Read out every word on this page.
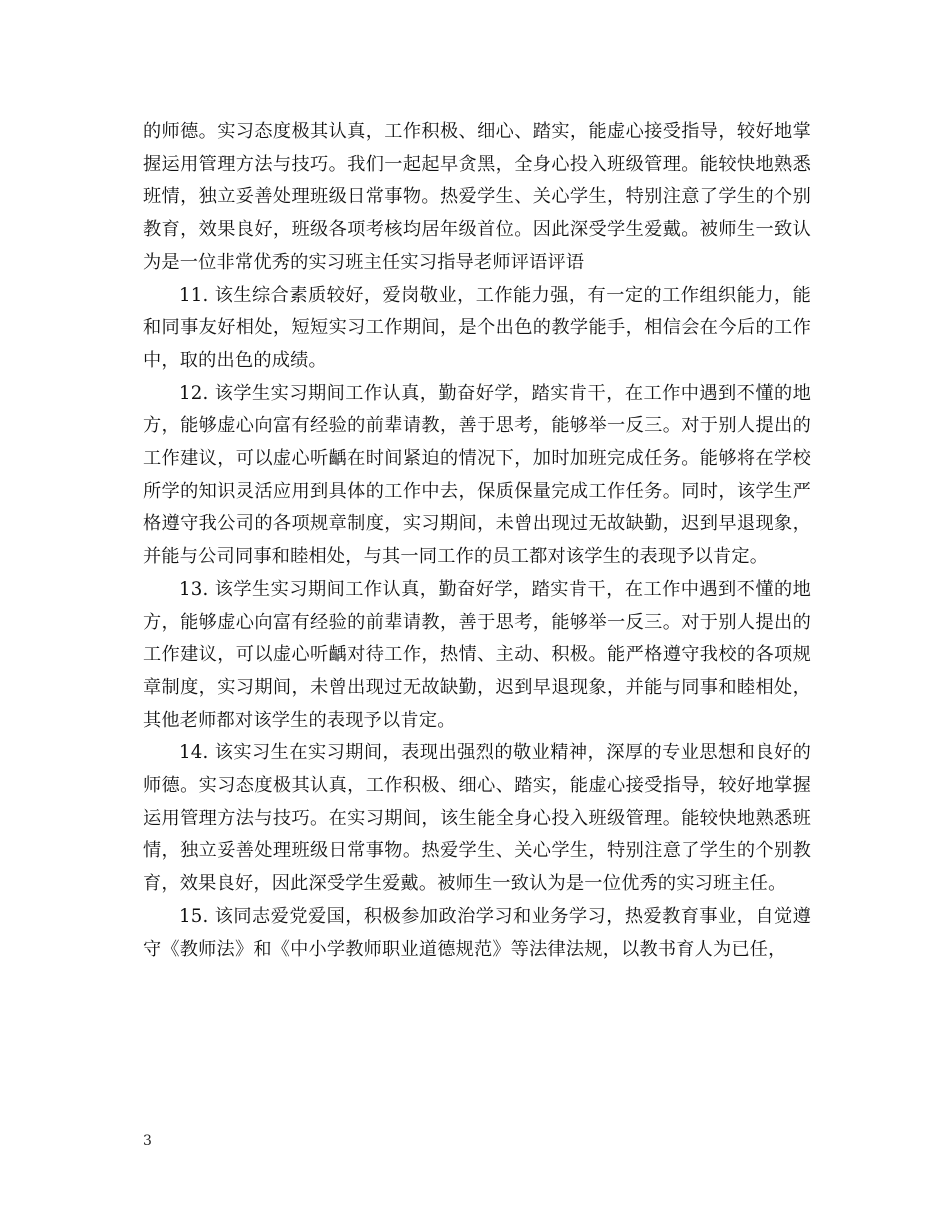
的师德。实习态度极其认真，工作积极、细心、踏实，能虚心接受指导，较好地掌握运用管理方法与技巧。我们一起起早贪黑，全身心投入班级管理。能较快地熟悉班情，独立妥善处理班级日常事物。热爱学生、关心学生，特别注意了学生的个别教育，效果良好，班级各项考核均居年级首位。因此深受学生爱戴。被师生一致认为是一位非常优秀的实习班主任实习指导老师评语评语

11. 该生综合素质较好，爱岗敬业，工作能力强，有一定的工作组织能力，能和同事友好相处，短短实习工作期间，是个出色的教学能手，相信会在今后的工作中，取的出色的成绩。

12. 该学生实习期间工作认真，勤奋好学，踏实肯干，在工作中遇到不懂的地方，能够虚心向富有经验的前辈请教，善于思考，能够举一反三。对于别人提出的工作建议，可以虚心听齲在时间紧迫的情况下，加时加班完成任务。能够将在学校所学的知识灵活应用到具体的工作中去，保质保量完成工作任务。同时，该学生严格遵守我公司的各项规章制度，实习期间，未曾出现过无故缺勤，迟到早退现象，并能与公司同事和睦相处，与其一同工作的员工都对该学生的表现予以肯定。

13. 该学生实习期间工作认真，勤奋好学，踏实肯干，在工作中遇到不懂的地方，能够虚心向富有经验的前辈请教，善于思考，能够举一反三。对于别人提出的工作建议，可以虚心听齲对待工作，热情、主动、积极。能严格遵守我校的各项规章制度，实习期间，未曾出现过无故缺勤，迟到早退现象，并能与同事和睦相处，其他老师都对该学生的表现予以肯定。

14. 该实习生在实习期间，表现出强烈的敬业精神，深厚的专业思想和良好的师德。实习态度极其认真，工作积极、细心、踏实，能虚心接受指导，较好地掌握运用管理方法与技巧。在实习期间，该生能全身心投入班级管理。能较快地熟悉班情，独立妥善处理班级日常事物。热爱学生、关心学生，特别注意了学生的个别教育，效果良好，因此深受学生爱戴。被师生一致认为是一位优秀的实习班主任。

15. 该同志爱党爱国，积极参加政治学习和业务学习，热爱教育事业，自觉遵守《教师法》和《中小学教师职业道德规范》等法律法规，以教书育人为已任，

3
